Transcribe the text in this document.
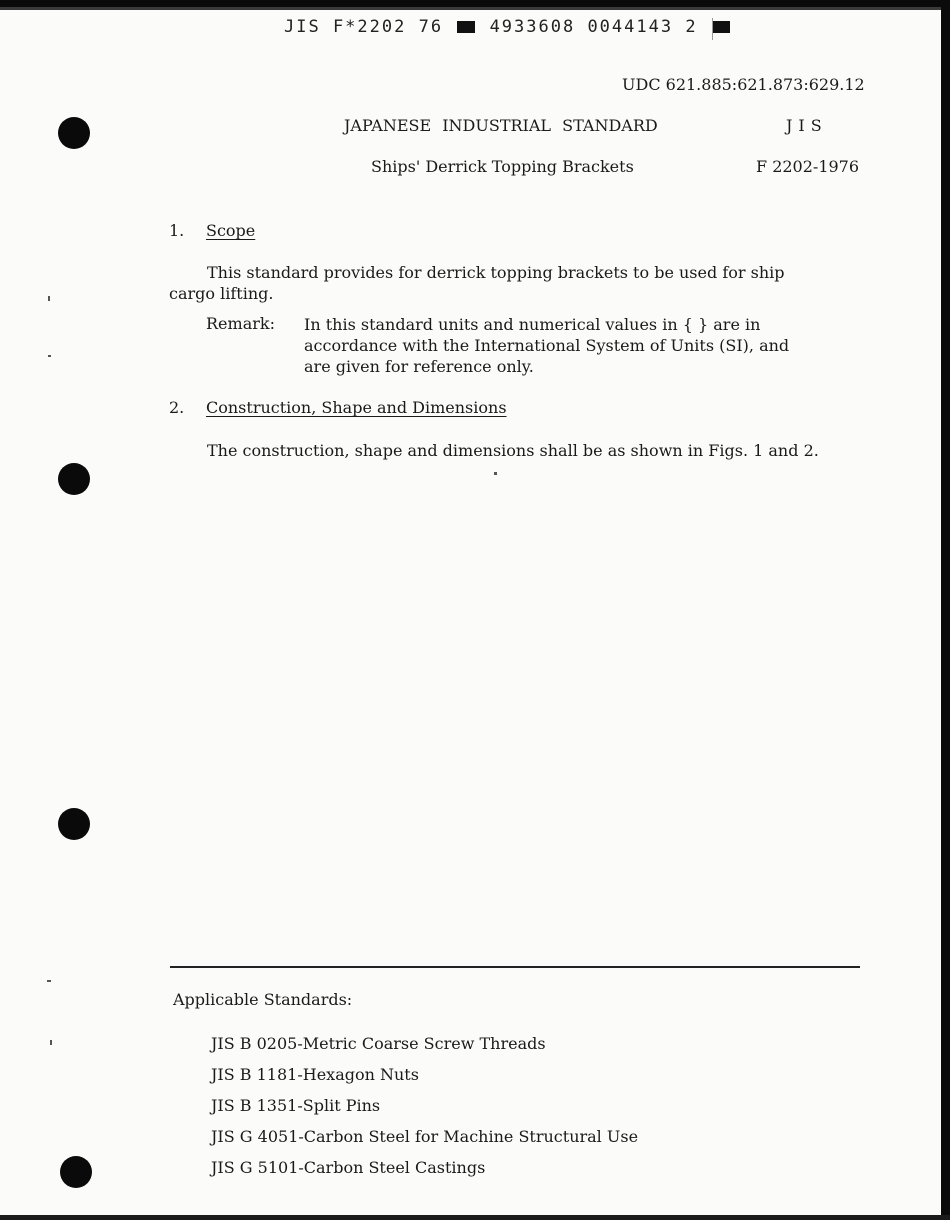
JIS F*2202 76	4933608 0044143 2
UDC 621.885:621.873:629.12
JAPANESE INDUSTRIAL STANDARD	JIS
Ships' Derrick Topping Brackets	F 2202-1976
1. Scope
This standard provides for derrick topping brackets to be used for ship
cargo lifting.
Remark: In this standard units and numerical values in { } are in
accordance with the International System of Units (SI), and
are given for reference only.
2. Construction, Shape and Dimensions
The construction, shape and dimensions shall be as shown in Figs. 1 and 2.
Applicable Standards:
JIS B 0205-Metric Coarse Screw Threads
JIS B 1181-Hexagon Nuts
JIS B 1351-Split Pins
JIS G 4051-Carbon Steel for Machine Structural Use
JIS G 5101-Carbon Steel Castings
